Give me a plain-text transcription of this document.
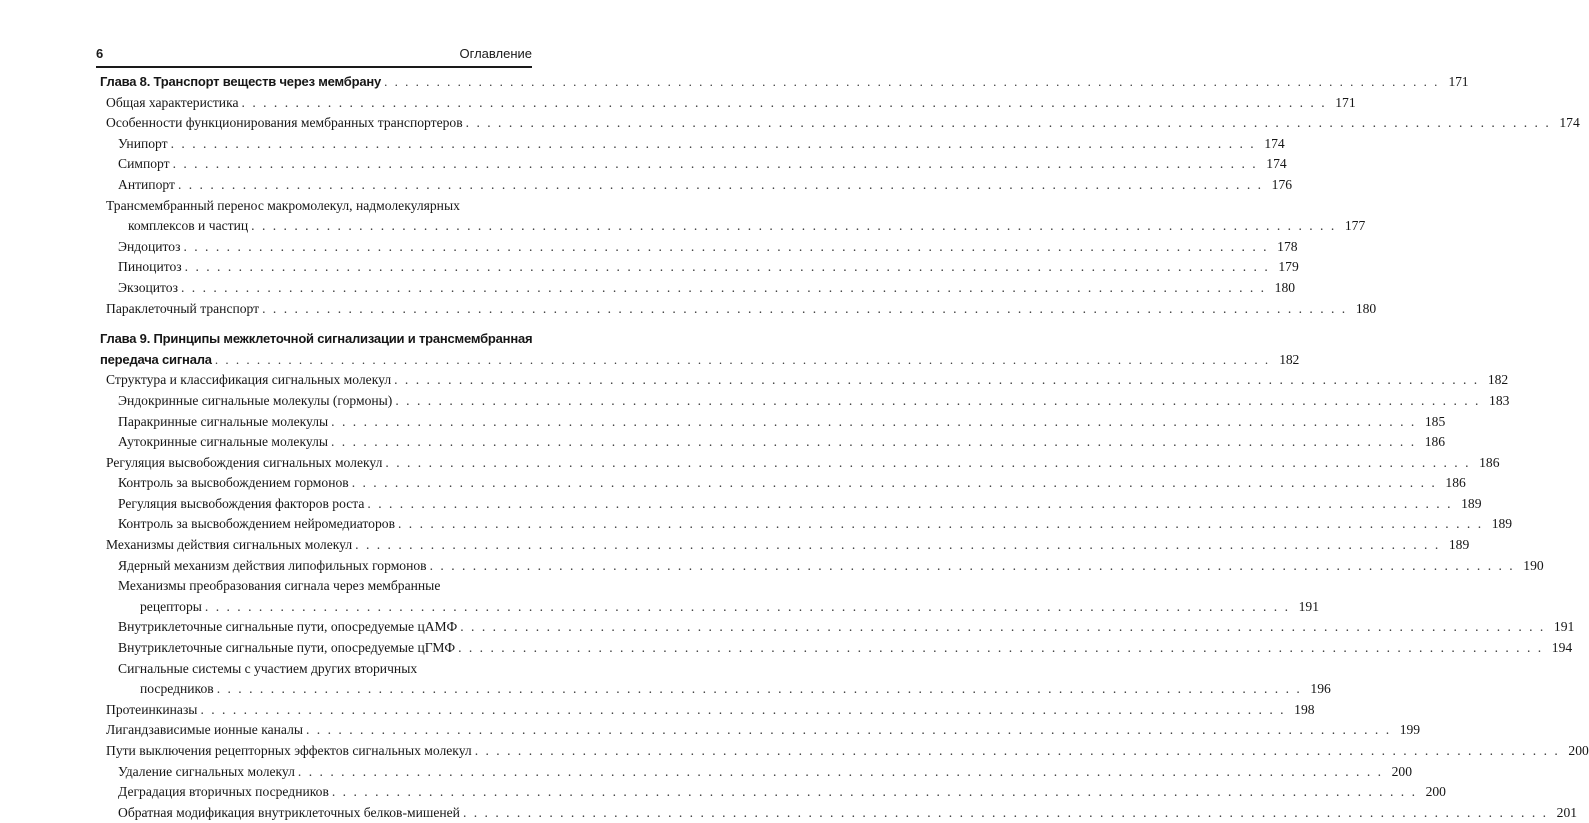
6	Оглавление
Глава 8. Транспорт веществ через мембрану . . .	171
Общая характеристика . . .	171
Особенности функционирования мембранных транспортеров . . .	174
Унипорт . . .	174
Симпорт . . .	174
Антипорт . . .	176
Трансмембранный перенос макромолекул, надмолекулярных
комплексов и частиц . . .	177
Эндоцитоз . . .	178
Пиноцитоз . . .	179
Экзоцитоз . . .	180
Параклеточный транспорт . . .	180
Глава 9. Принципы межклеточной сигнализации и трансмембранная
передача сигнала . . .	182
Структура и классификация сигнальных молекул . . .	182
Эндокринные сигнальные молекулы (гормоны) . . .	183
Паракринные сигнальные молекулы . . .	185
Аутокринные сигнальные молекулы . . .	186
Регуляция высвобождения сигнальных молекул . . .	186
Контроль за высвобождением гормонов . . .	186
Регуляция высвобождения факторов роста . . .	189
Контроль за высвобождением нейромедиаторов . . .	189
Механизмы действия сигнальных молекул . . .	189
Ядерный механизм действия липофильных гормонов . . .	190
Механизмы преобразования сигнала через мембранные
рецепторы . . .	191
Внутриклеточные сигнальные пути, опосредуемые цАМФ . . .	191
Внутриклеточные сигнальные пути, опосредуемые цГМФ . . .	194
Сигнальные системы с участием других вторичных
посредников . . .	196
Протеинкиназы . . .	198
Лигандзависимые ионные каналы . . .	199
Пути выключения рецепторных эффектов сигнальных молекул . . .	200
Удаление сигнальных молекул . . .	200
Деградация вторичных посредников . . .	200
Обратная модификация внутриклеточных белков-мишеней . . .	201
